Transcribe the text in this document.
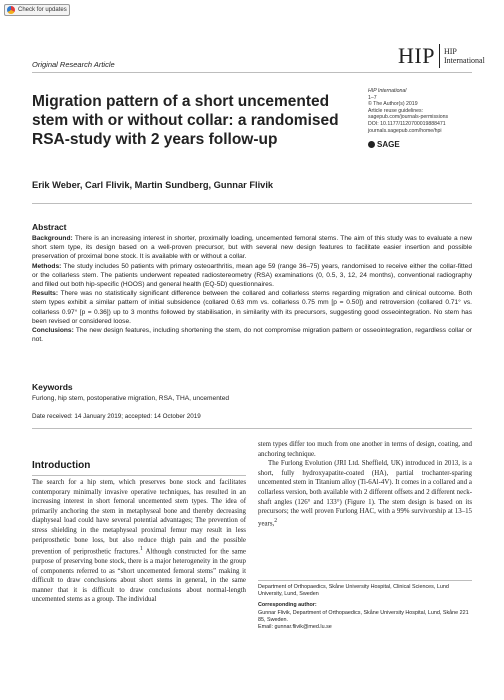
Check for updates
Original Research Article	HIP HIP
International
Migration pattern of a short uncemented stem with or without collar: a randomised RSA-study with 2 years follow-up
HIP International
1–7
© The Author(s) 2019
Article reuse guidelines:
sagepub.com/journals-permissions
DOI: 10.1177/1120700019888471
journals.sagepub.com/home/hpi
SAGE
Erik Weber, Carl Flivik, Martin Sundberg, Gunnar Flivik
Abstract

Background: There is an increasing interest in shorter, proximally loading, uncemented femoral stems. The aim of this study was to evaluate a new short stem type, its design based on a well-proven precursor, but with several new design features to facilitate easier insertion and possible preservation of proximal bone stock. It is available with or without a collar.

Methods: The study includes 50 patients with primary osteoarthritis, mean age 59 (range 36–75) years, randomised to receive either the collar-fitted or the collarless stem. The patients underwent repeated radiostereometry (RSA) examinations (0, 0.5, 3, 12, 24 months), conventional radiography and filled out both hip-specific (HOOS) and general health (EQ-5D) questionnaires.

Results: There was no statistically significant difference between the collared and collarless stems regarding migration and clinical outcome. Both stem types exhibit a similar pattern of initial subsidence (collared 0.63 mm vs. collarless 0.75 mm [p = 0.50]) and retroversion (collared 0.71° vs. collarless 0.97° [p = 0.36]) up to 3 months followed by stabilisation, in similarity with its precursors, suggesting good osseointegration. No stem has been revised or considered loose.

Conclusions: The new design features, including shortening the stem, do not compromise migration pattern or osseointegration, regardless collar or not.

Keywords
Furlong, hip stem, postoperative migration, RSA, THA, uncemented
Date received: 14 January 2019; accepted: 14 October 2019
Introduction

The search for a hip stem, which preserves bone stock and facilitates contemporary minimally invasive operative techniques, has resulted in an increasing interest in short femoral uncemented stem types. The idea of primarily anchoring the stem in metaphyseal bone and thereby decreasing diaphyseal load could have several potential advantages; The prevention of stress shielding in the metaphyseal proximal femur may result in less periprosthetic bone loss, but also reduce thigh pain and the possible prevention of periprosthetic fractures.$^1$ Although constructed for the same purpose of preserving bone stock, there is a major heterogeneity in the group of components referred to as “short uncemented femoral stems” making it difficult to draw conclusions about short stems in general, in the same manner that it is difficult to draw conclusions about normal-length uncemented stems as a group. The individual

stem types differ too much from one another in terms of design, coating, and anchoring technique.

The Furlong Evolution (JRI Ltd. Sheffield, UK) introduced in 2013, is a short, fully hydroxyapatite-coated (HA), partial trochanter-sparing uncemented stem in Titanium alloy (Ti-6Al-4V). It comes in a collared and a collarless version, both available with 2 different offsets and 2 different neck-shaft angles (126° and 133°) (Figure 1). The stem design is based on its precursors; the well proven Furlong HAC, with a 99% survivorship at 13–15 years,$^2$

Department of Orthopaedics, Skåne University Hospital, Clinical Sciences, Lund University, Lund, Sweden

Corresponding author:
Gunnar Flivik, Department of Orthopaedics, Skåne University Hospital, Lund, Skåne 221 85, Sweden.
Email: gunnar.flivik@med.lu.se
